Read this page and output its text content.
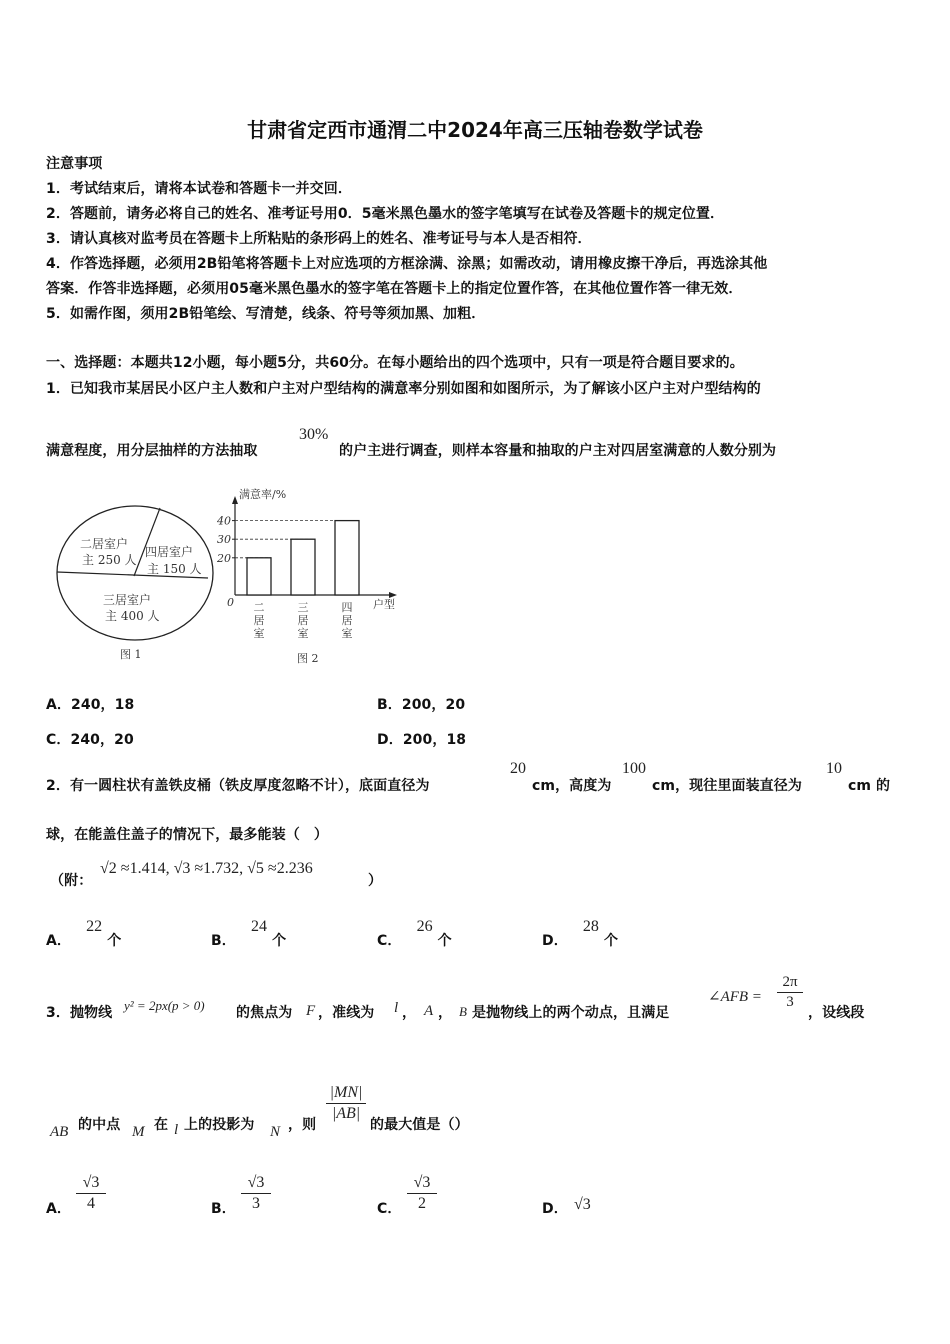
甘肃省定西市通渭二中2024年高三压轴卷数学试卷
注意事项
1．考试结束后，请将本试卷和答题卡一并交回．
2．答题前，请务必将自己的姓名、准考证号用0．5毫米黑色墨水的签字笔填写在试卷及答题卡的规定位置．
3．请认真核对监考员在答题卡上所粘贴的条形码上的姓名、准考证号与本人是否相符．
4．作答选择题，必须用2B铅笔将答题卡上对应选项的方框涂满、涂黑；如需改动，请用橡皮擦干净后，再选涂其他
答案．作答非选择题，必须用05毫米黑色墨水的签字笔在答题卡上的指定位置作答，在其他位置作答一律无效．
5．如需作图，须用2B铅笔绘、写清楚，线条、符号等须加黑、加粗．
一、选择题：本题共12小题，每小题5分，共60分。在每小题给出的四个选项中，只有一项是符合题目要求的。
1．已知我市某居民小区户主人数和户主对户型结构的满意率分别如图和如图所示，为了解该小区户主对户型结构的
满意程度，用分层抽样的方法抽取
30%
的户主进行调查，则样本容量和抽取的户主对四居室满意的人数分别为
二居室户
主 250 人
四居室户
主 150 人
三居室户
主 400 人
图 1
满意率/%
0	户型
20
30
40
二
居
室
三
居
室
四
居
室
图 2
A．240，18	B．200，20
C．240，20	D．200，18
2．有一圆柱状有盖铁皮桶（铁皮厚度忽略不计），底面直径为
20
cm，高度为
100
cm，现往里面装直径为
10
cm 的
球，在能盖住盖子的情况下，最多能装（　）
（附：
√2 ≈1.414, √3 ≈1.732, √5 ≈2.236
）
A． 22 个	B． 24 个	C． 26 个	D． 28 个
3．抛物线 y² = 2px(p > 0) 的焦点为 F ，准线为 l ， A ， B 是抛物线上的两个动点，且满足
∠AFB =
2π
3
，设线段
AB 的中点 M 在 l 上的投影为 N ，则
|MN|
|AB|
的最大值是（）
A．
√3
4	B．
√3
3	C．
√3
2	D． √3
